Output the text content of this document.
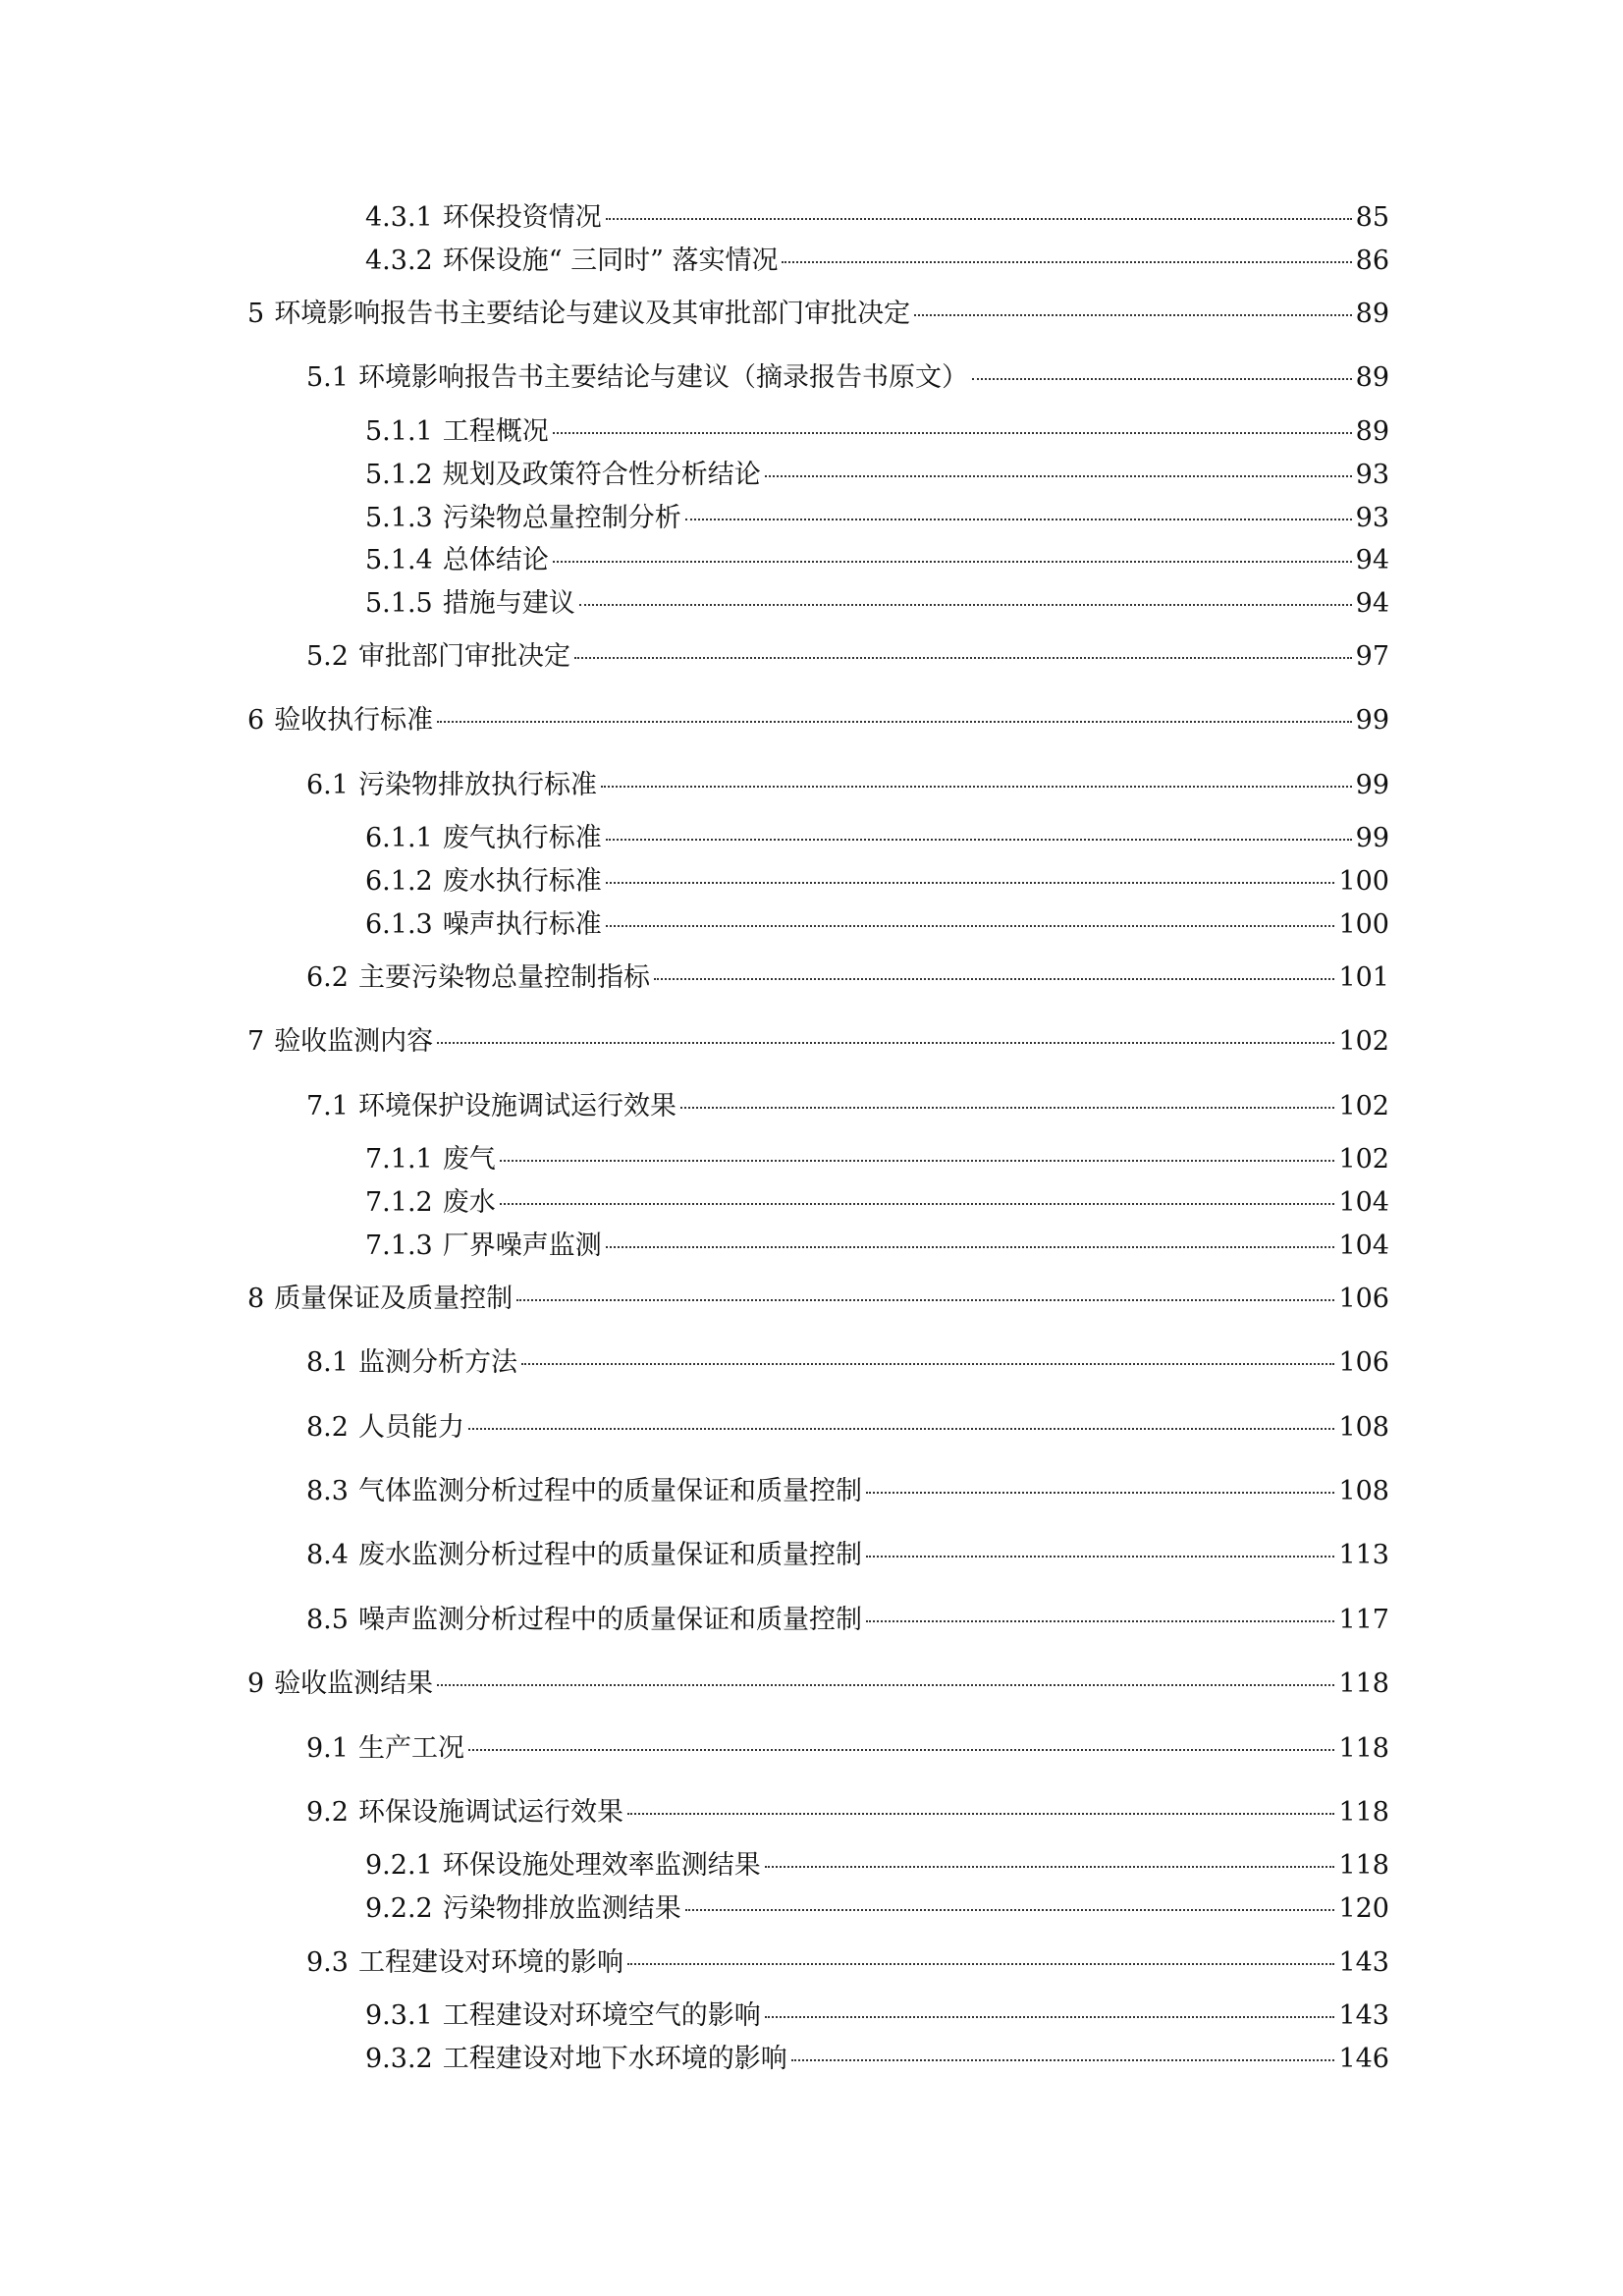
4.3.1 环保投资情况	85
4.3.2 环保设施“ 三同时” 落实情况	86
5 环境影响报告书主要结论与建议及其审批部门审批决定	89
5.1 环境影响报告书主要结论与建议（摘录报告书原文）	89
5.1.1 工程概况	89
5.1.2 规划及政策符合性分析结论	93
5.1.3 污染物总量控制分析	93
5.1.4 总体结论	94
5.1.5 措施与建议	94
5.2 审批部门审批决定	97
6 验收执行标准	99
6.1 污染物排放执行标准	99
6.1.1 废气执行标准	99
6.1.2 废水执行标准	100
6.1.3 噪声执行标准	100
6.2 主要污染物总量控制指标	101
7 验收监测内容	102
7.1 环境保护设施调试运行效果	102
7.1.1 废气	102
7.1.2 废水	104
7.1.3 厂界噪声监测	104
8 质量保证及质量控制	106
8.1 监测分析方法	106
8.2 人员能力	108
8.3 气体监测分析过程中的质量保证和质量控制	108
8.4 废水监测分析过程中的质量保证和质量控制	113
8.5 噪声监测分析过程中的质量保证和质量控制	117
9 验收监测结果	118
9.1 生产工况	118
9.2 环保设施调试运行效果	118
9.2.1 环保设施处理效率监测结果	118
9.2.2 污染物排放监测结果	120
9.3 工程建设对环境的影响	143
9.3.1 工程建设对环境空气的影响	143
9.3.2 工程建设对地下水环境的影响	146
